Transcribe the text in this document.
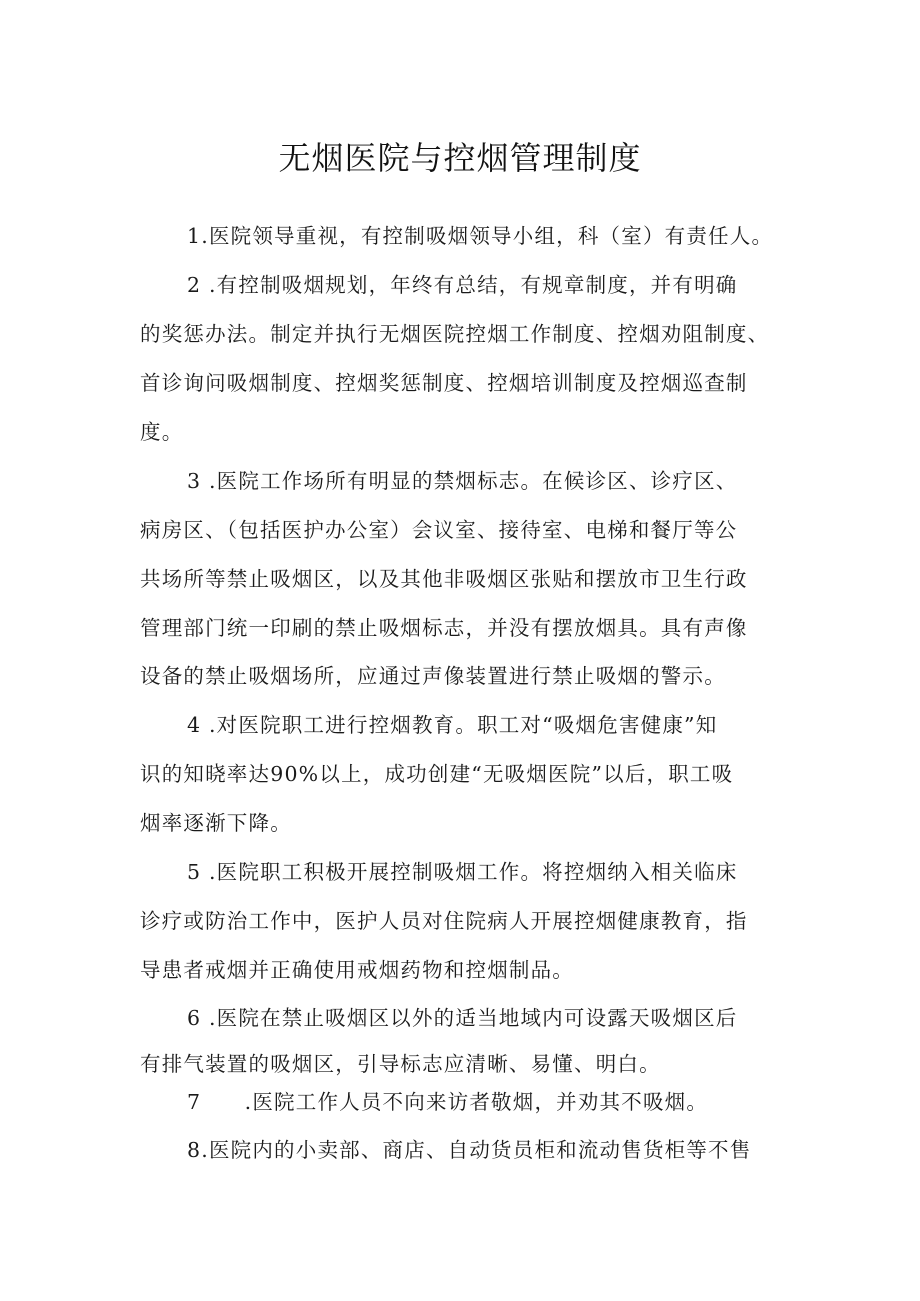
无烟医院与控烟管理制度
1.医院领导重视，有控制吸烟领导小组，科（室）有责任人。
2 .有控制吸烟规划，年终有总结，有规章制度，并有明确
的奖惩办法。制定并执行无烟医院控烟工作制度、控烟劝阻制度、
首诊询问吸烟制度、控烟奖惩制度、控烟培训制度及控烟巡查制
度。
3 .医院工作场所有明显的禁烟标志。在候诊区、诊疗区、
病房区、（包括医护办公室）会议室、接待室、电梯和餐厅等公
共场所等禁止吸烟区，以及其他非吸烟区张贴和摆放市卫生行政
管理部门统一印刷的禁止吸烟标志，并没有摆放烟具。具有声像
设备的禁止吸烟场所，应通过声像装置进行禁止吸烟的警示。
4 .对医院职工进行控烟教育。职工对“吸烟危害健康”知
识的知晓率达90%以上，成功创建“无吸烟医院”以后，职工吸
烟率逐渐下降。
5 .医院职工积极开展控制吸烟工作。将控烟纳入相关临床
诊疗或防治工作中，医护人员对住院病人开展控烟健康教育，指
导患者戒烟并正确使用戒烟药物和控烟制品。
6 .医院在禁止吸烟区以外的适当地域内可设露天吸烟区后
有排气装置的吸烟区，引导标志应清晰、易懂、明白。
7　　.医院工作人员不向来访者敬烟，并劝其不吸烟。
8.医院内的小卖部、商店、自动货员柜和流动售货柜等不售
